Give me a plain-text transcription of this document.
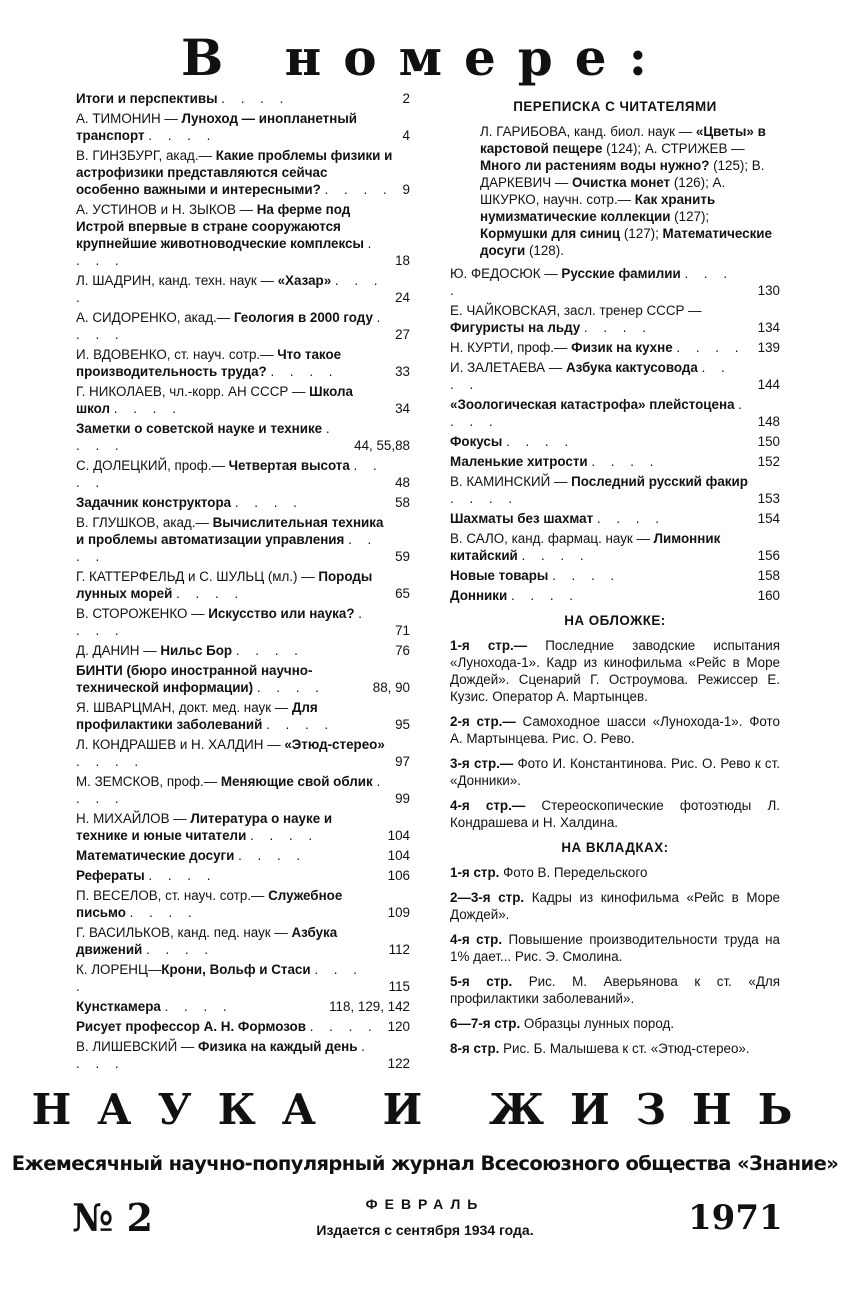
В номере:
Итоги и перспективы . . . .	2
А. ТИМОНИН — Луноход — инопланетный транспорт . . . .	4
В. ГИНЗБУРГ, акад.— Какие проблемы физики и астрофизики представляются сейчас особенно важными и интересными? . . . . 9
А. УСТИНОВ и Н. ЗЫКОВ — На ферме под Истрой впервые в стране сооружаются крупнейшие животноводческие комплексы . . . .	18
Л. ШАДРИН, канд. техн. наук — «Хазар» . . . .	24
А. СИДОРЕНКО, акад.— Геология в 2000 году . . . .	27
И. ВДОВЕНКО, ст. науч. сотр.— Что такое производительность труда? . . . .	33
Г. НИКОЛАЕВ, чл.-корр. АН СССР — Школа школ . . . .	34
Заметки о советской науке и технике . . . .	44, 55,88
С. ДОЛЕЦКИЙ, проф.— Четвертая высота . . . .	48
Задачник конструктора . . . .	58
В. ГЛУШКОВ, акад.— Вычислительная техника и проблемы автоматизации управления . . . .	59
Г. КАТТЕРФЕЛЬД и С. ШУЛЬЦ (мл.) — Породы лунных морей . . . .	65
В. СТОРОЖЕНКО — Искусство или наука? . . . .	71
Д. ДАНИН — Нильс Бор . . . .	76
БИНТИ (бюро иностранной научно-технической информации) . . . .	88, 90
Я. ШВАРЦМАН, докт. мед. наук — Для профилактики заболеваний . . . .	95
Л. КОНДРАШЕВ и Н. ХАЛДИН — «Этюд-стерео» . . . .	97
М. ЗЕМСКОВ, проф.— Меняющие свой облик . . . .	99
Н. МИХАЙЛОВ — Литература о науке и технике и юные читатели . . . .	104
Математические досуги . . . .	104
Рефераты . . . .	106
П. ВЕСЕЛОВ, ст. науч. сотр.— Служебное письмо . . . .	109
Г. ВАСИЛЬКОВ, канд. пед. наук — Азбука движений . . . .	112
К. ЛОРЕНЦ—Крони, Вольф и Стаси . . . .	115
Кунсткамера . . . .	118, 129, 142
Рисует профессор А. Н. Формозов . . . . 120
В. ЛИШЕВСКИЙ — Физика на каждый день . . . .	122
ПЕРЕПИСКА С ЧИТАТЕЛЯМИ
Л. ГАРИБОВА, канд. биол. наук — «Цветы» в карстовой пещере (124); А. СТРИЖЕВ — Много ли растениям воды нужно? (125); В. ДАРКЕВИЧ — Очистка монет (126); А. ШКУРКО, научн. сотр.— Как хранить нумизматические коллекции (127); Кормушки для синиц (127); Математические досуги (128).
Ю. ФЕДОСЮК — Русские фамилии . . . .	130
Е. ЧАЙКОВСКАЯ, засл. тренер СССР — Фигуристы на льду . . . .	134
Н. КУРТИ, проф.— Физик на кухне . . . . 139
И. ЗАЛЕТАЕВА — Азбука кактусовода . . . .	144
«Зоологическая катастрофа» плейстоцена . . . .	148
Фокусы . . . .	150
Маленькие хитрости . . . .	152
В. КАМИНСКИЙ — Последний русский факир . . . .	153
Шахматы без шахмат . . . .	154
В. САЛО, канд. фармац. наук — Лимонник китайский . . . .	156
Новые товары . . . .	158
Донники . . . .	160
НА ОБЛОЖКЕ:
1-я стр.— Последние заводские испытания «Лунохода-1». Кадр из кинофильма «Рейс в Море Дождей». Сценарий Г. Остроумова. Режиссер Е. Кузис. Оператор А. Мартынцев.
2-я стр.— Самоходное шасси «Лунохода-1». Фото А. Мартынцева. Рис. О. Рево.
3-я стр.— Фото И. Константинова. Рис. О. Рево к ст. «Донники».
4-я стр.— Стереоскопические фотоэтюды Л. Кондрашева и Н. Халдина.
НА ВКЛАДКАХ:
1-я стр. Фото В. Передельского
2—3-я стр. Кадры из кинофильма «Рейс в Море Дождей».
4-я стр. Повышение производительности труда на 1% дает... Рис. Э. Смолина.
5-я стр. Рис. М. Аверьянова к ст. «Для профилактики заболеваний».
6—7-я стр. Образцы лунных пород.
8-я стр. Рис. Б. Малышева к ст. «Этюд-стерео».
НАУКА И ЖИЗНЬ
Ежемесячный научно-популярный журнал Всесоюзного общества «Знание»
№ 2	ФЕВРАЛЬ
Издается с сентября 1934 года.	1971
